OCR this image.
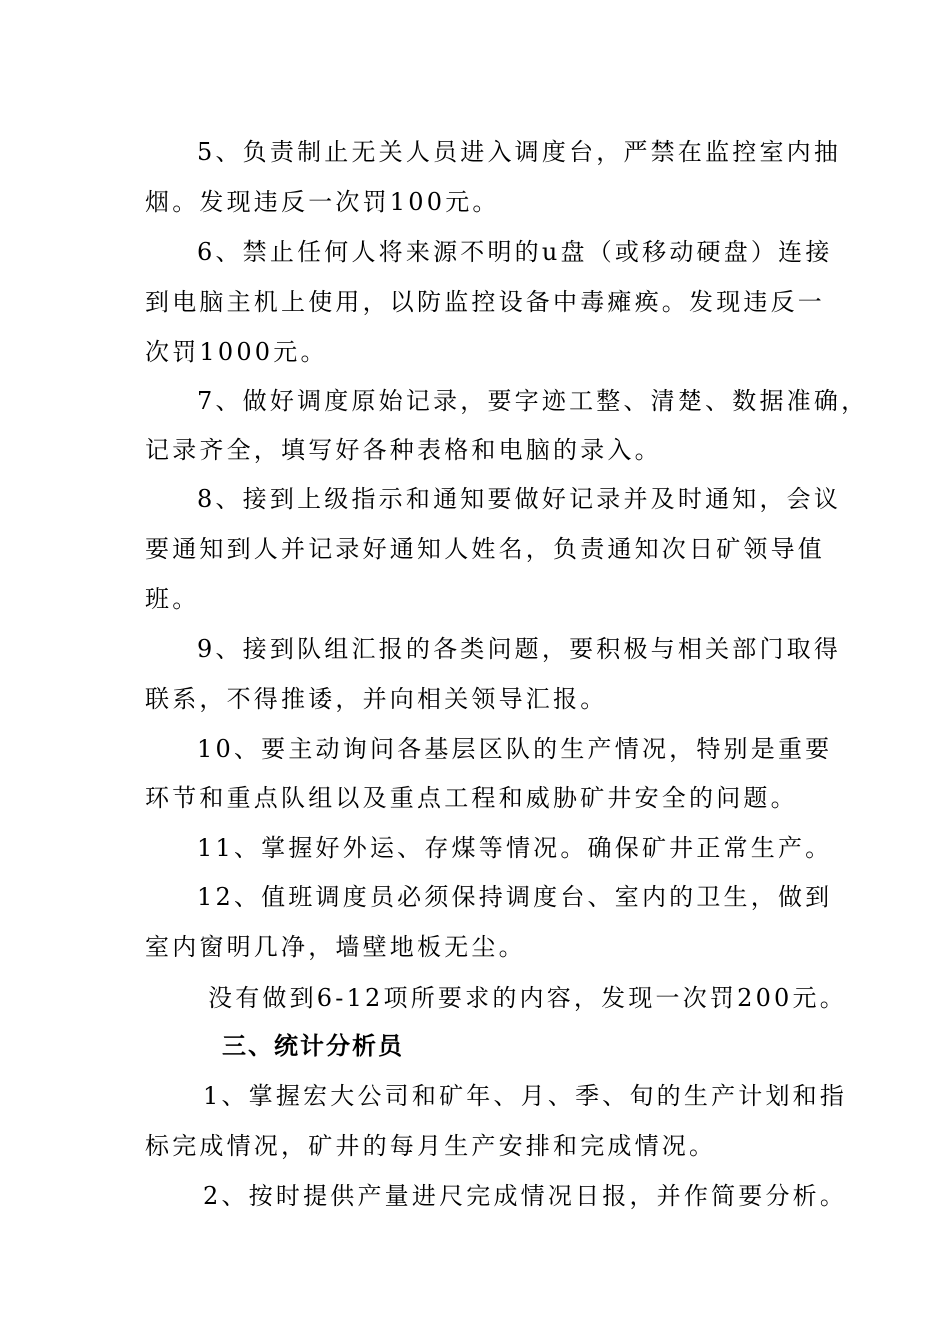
5、负责制止无关人员进入调度台，严禁在监控室内抽
烟。发现违反一次罚100元。
6、禁止任何人将来源不明的u盘（或移动硬盘）连接
到电脑主机上使用，以防监控设备中毒瘫痪。发现违反一
次罚1000元。
7、做好调度原始记录，要字迹工整、清楚、数据准确，
记录齐全，填写好各种表格和电脑的录入。
8、接到上级指示和通知要做好记录并及时通知，会议
要通知到人并记录好通知人姓名，负责通知次日矿领导值
班。
9、接到队组汇报的各类问题，要积极与相关部门取得
联系，不得推诿，并向相关领导汇报。
10、要主动询问各基层区队的生产情况，特别是重要
环节和重点队组以及重点工程和威胁矿井安全的问题。
11、掌握好外运、存煤等情况。确保矿井正常生产。
12、值班调度员必须保持调度台、室内的卫生，做到
室内窗明几净，墙壁地板无尘。
没有做到6-12项所要求的内容，发现一次罚200元。
三、统计分析员
1、掌握宏大公司和矿年、月、季、旬的生产计划和指
标完成情况，矿井的每月生产安排和完成情况。
2、按时提供产量进尺完成情况日报，并作简要分析。
